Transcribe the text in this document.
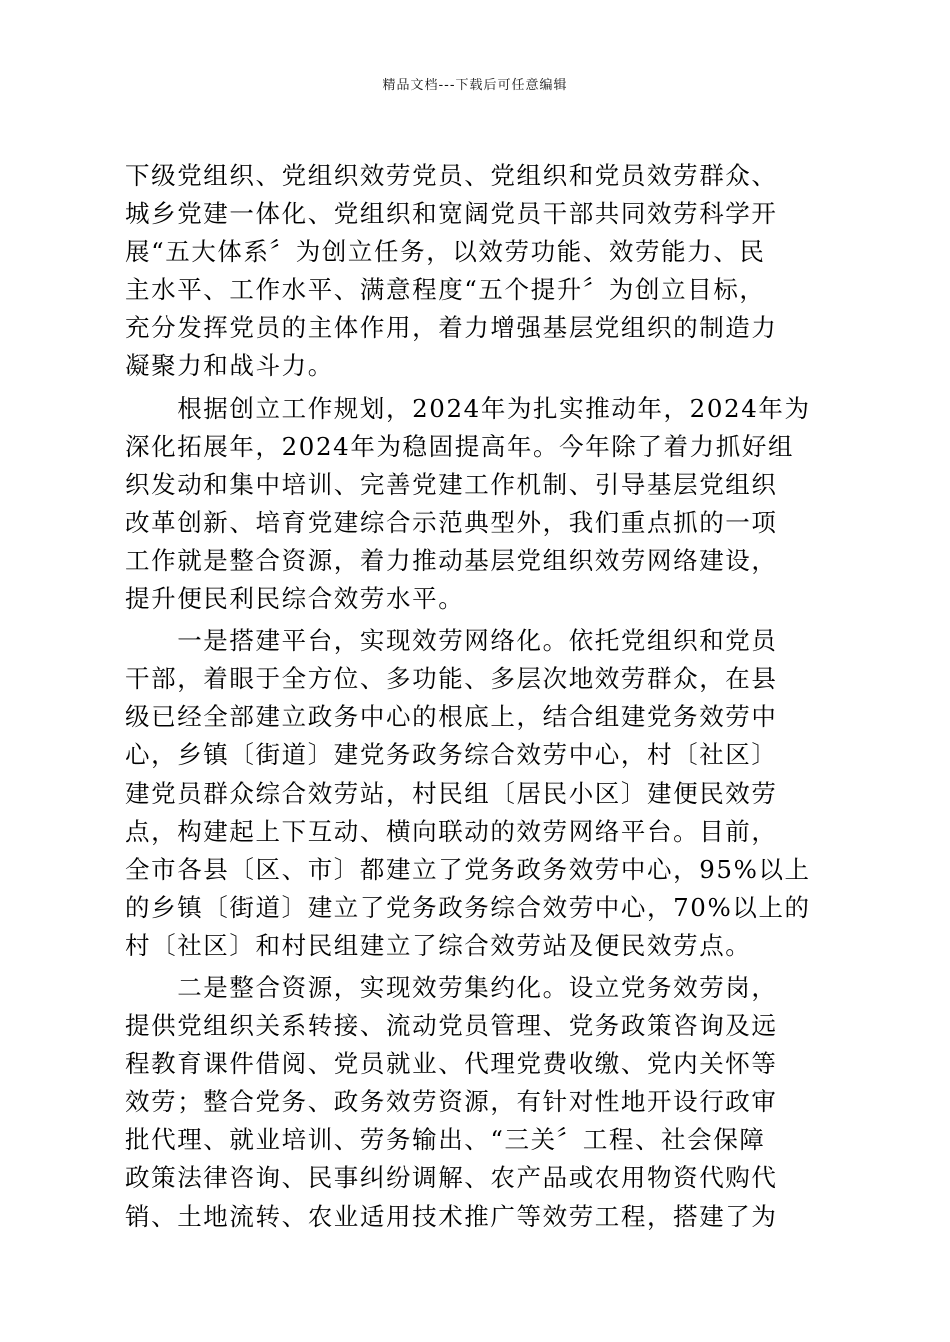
精品文档---下载后可任意编辑
下级党组织、党组织效劳党员、党组织和党员效劳群众、
城乡党建一体化、党组织和宽阔党员干部共同效劳科学开
展“五大体系〞为创立任务，以效劳功能、效劳能力、民
主水平、工作水平、满意程度“五个提升〞为创立目标，
充分发挥党员的主体作用，着力增强基层党组织的制造力
凝聚力和战斗力。
　　根据创立工作规划，2024年为扎实推动年，2024年为
深化拓展年，2024年为稳固提高年。今年除了着力抓好组
织发动和集中培训、完善党建工作机制、引导基层党组织
改革创新、培育党建综合示范典型外，我们重点抓的一项
工作就是整合资源，着力推动基层党组织效劳网络建设，
提升便民利民综合效劳水平。
　　一是搭建平台，实现效劳网络化。依托党组织和党员
干部，着眼于全方位、多功能、多层次地效劳群众，在县
级已经全部建立政务中心的根底上，结合组建党务效劳中
心，乡镇〔街道〕建党务政务综合效劳中心，村〔社区〕
建党员群众综合效劳站，村民组〔居民小区〕建便民效劳
点，构建起上下互动、横向联动的效劳网络平台。目前，
全市各县〔区、市〕都建立了党务政务效劳中心，95%以上
的乡镇〔街道〕建立了党务政务综合效劳中心，70%以上的
村〔社区〕和村民组建立了综合效劳站及便民效劳点。
　　二是整合资源，实现效劳集约化。设立党务效劳岗，
提供党组织关系转接、流动党员管理、党务政策咨询及远
程教育课件借阅、党员就业、代理党费收缴、党内关怀等
效劳；整合党务、政务效劳资源，有针对性地开设行政审
批代理、就业培训、劳务输出、“三关〞工程、社会保障
政策法律咨询、民事纠纷调解、农产品或农用物资代购代
销、土地流转、农业适用技术推广等效劳工程，搭建了为
